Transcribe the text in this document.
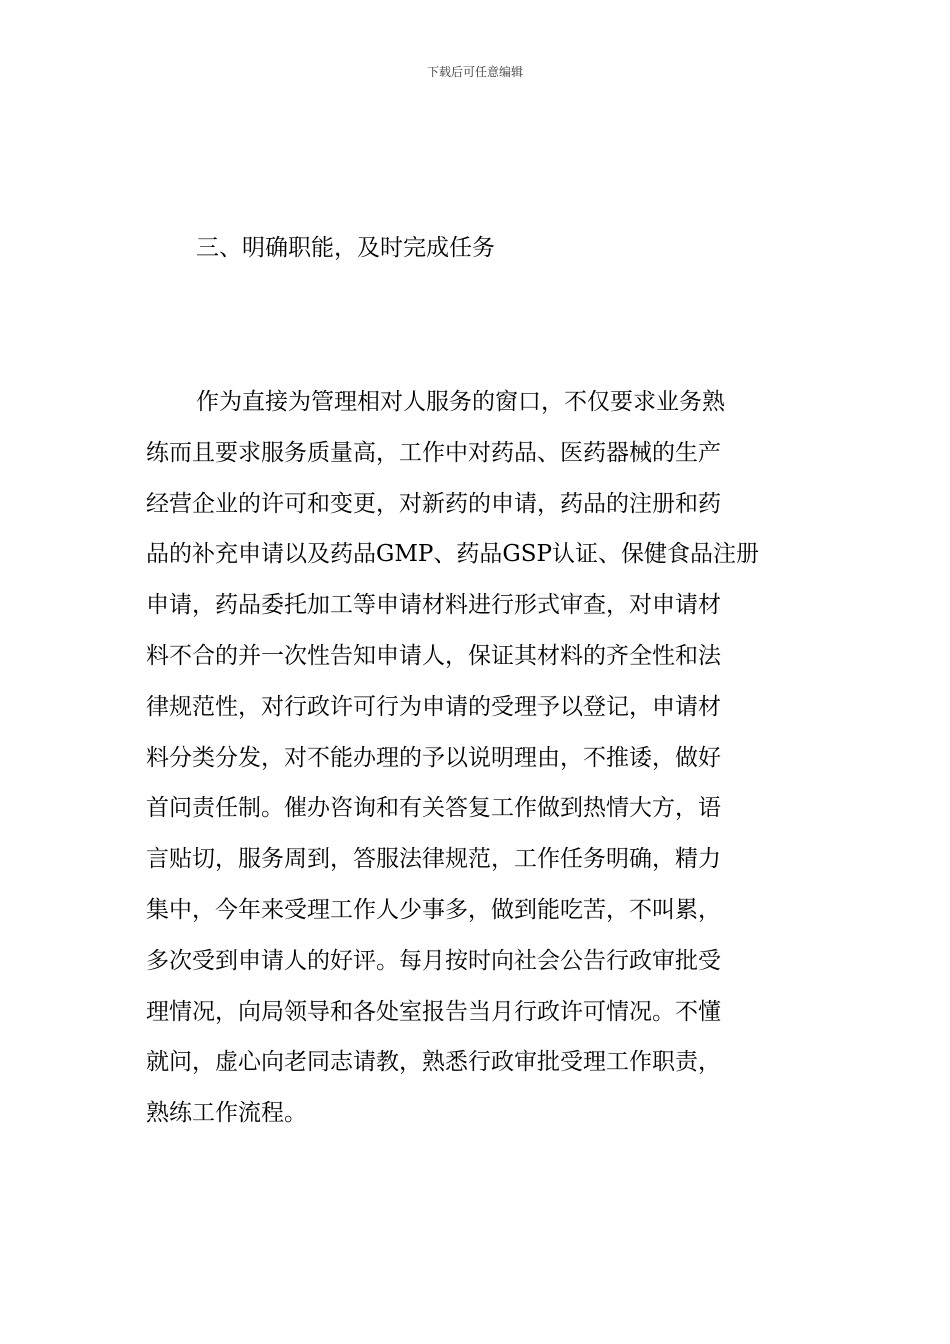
下载后可任意编辑
三、明确职能，及时完成任务
作为直接为管理相对人服务的窗口，不仅要求业务熟
练而且要求服务质量高，工作中对药品、医药器械的生产
经营企业的许可和变更，对新药的申请，药品的注册和药
品的补充申请以及药品GMP、药品GSP认证、保健食品注册
申请，药品委托加工等申请材料进行形式审查，对申请材
料不合的并一次性告知申请人，保证其材料的齐全性和法
律规范性，对行政许可行为申请的受理予以登记，申请材
料分类分发，对不能办理的予以说明理由，不推诿，做好
首问责任制。催办咨询和有关答复工作做到热情大方，语
言贴切，服务周到，答服法律规范，工作任务明确，精力
集中，今年来受理工作人少事多，做到能吃苦，不叫累，
多次受到申请人的好评。每月按时向社会公告行政审批受
理情况，向局领导和各处室报告当月行政许可情况。不懂
就问，虚心向老同志请教，熟悉行政审批受理工作职责，
熟练工作流程。
